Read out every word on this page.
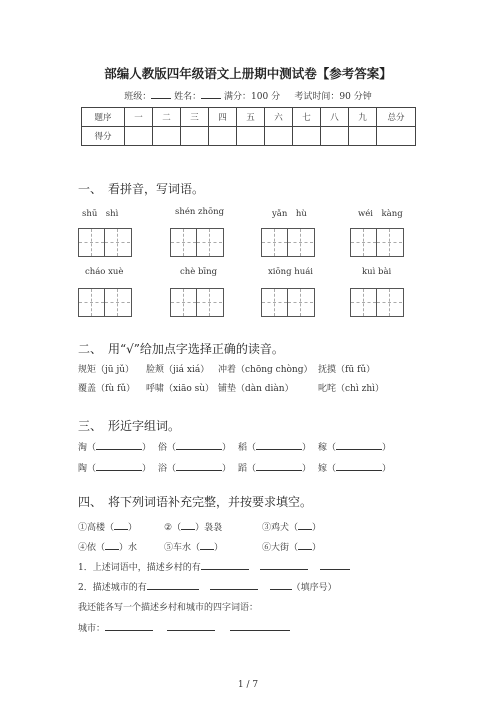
部编人教版四年级语文上册期中测试卷【参考答案】
班级：	姓名：	满分：100 分 考试时间：90 分钟
题序	一	二	三	四	五	六	七	八	九	总分
得分										
一、　看拼音，写词语。
shū　shì	shén zhōng	yǎn　hù	wéi　kàng
cháo xuè	chè bīng	xiōng huái	kuì bài
二、　用“√”给加点字选择正确的读音。
规矩（jū jǔ） 脸颊（jiá xiá） 冲着（chōng chòng） 抚摸（fū fǔ）
覆盖（fù fǔ） 呼啸（xiāo sù） 铺垫（dàn diàn）	叱咤（chì zhì）
三、　形近字组词。
淘（	） 俗（	） 稻（	） 稼（	）
陶（	） 浴（	） 蹈（	） 嫁（	）
四、　将下列词语补充完整，并按要求填空。
①高楼（ ）	②（ ）袅袅	③鸡犬（ ）
④依（ ）水	⑤车水（ ）	⑥大街（ ）
1．上述词语中，描述乡村的有
2．描述城市的有	（填序号）
我还能各写一个描述乡村和城市的四字词语：
城市：
1 / 7
